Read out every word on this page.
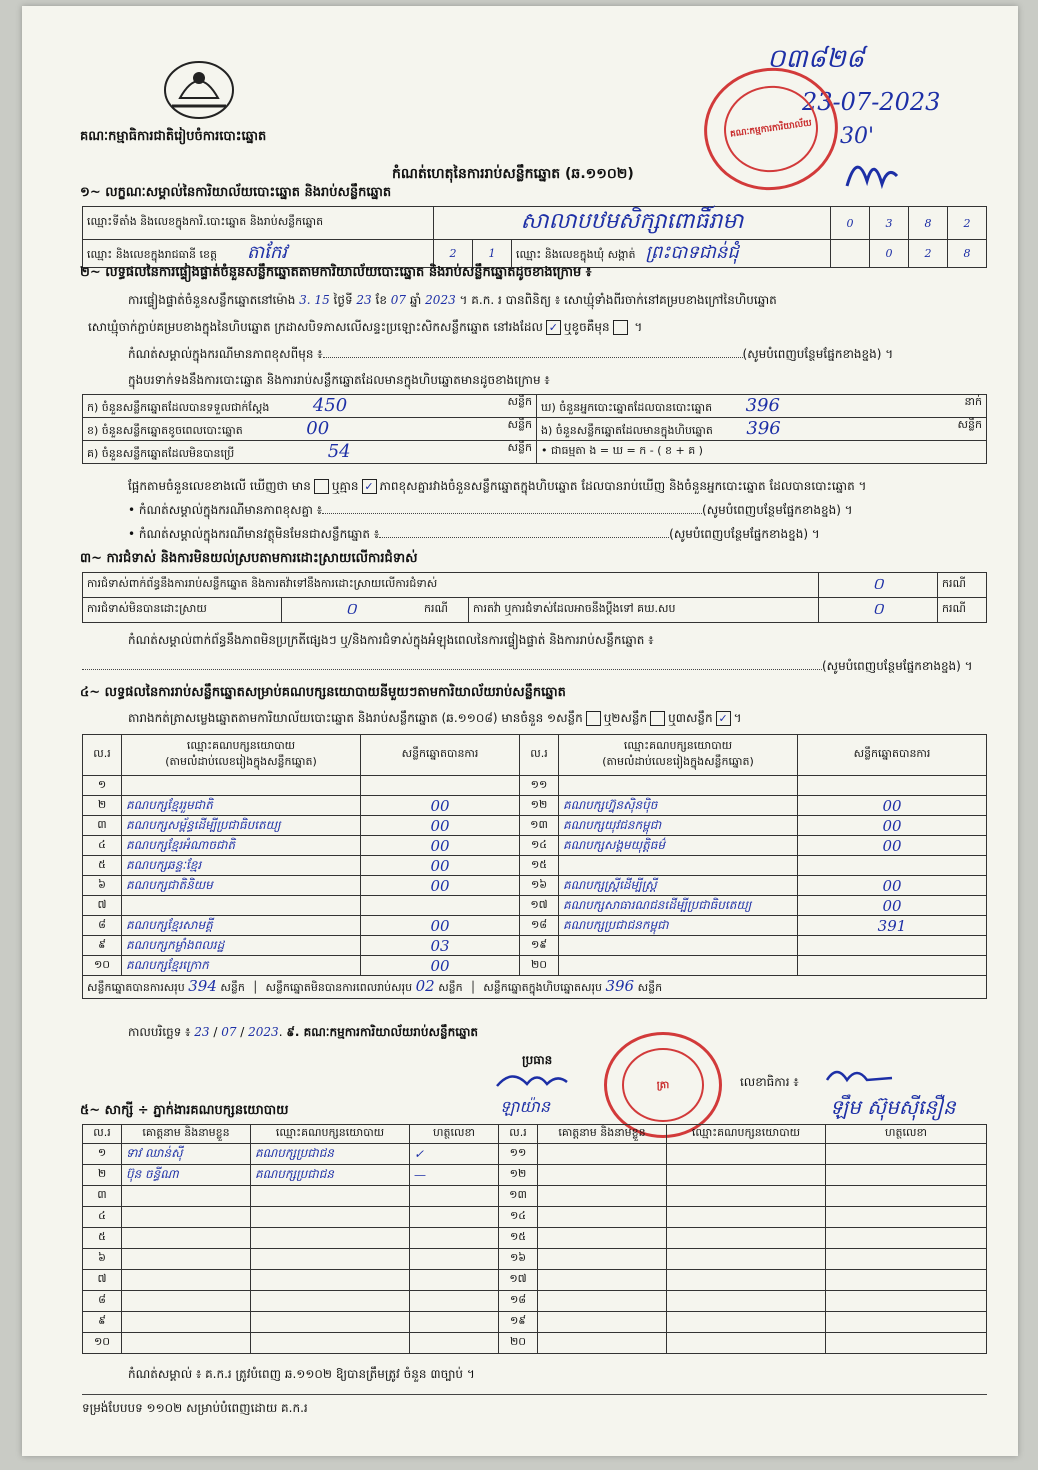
គណៈកម្មាធិការជាតិរៀបចំការបោះឆ្នោត
កំណត់ហេតុនៃការរាប់សន្លឹកឆ្នោត (ឆ.១១០២)
០៣៨២៨
23-07-2023
30'
គណៈកម្មការការិយាល័យ
១~ លក្ខណៈសម្គាល់នៃការិយាល័យបោះឆ្នោត និងរាប់សន្លឹកឆ្នោត
ឈ្មោះទីតាំង និងលេខក្នុងការិ.បោះឆ្នោត និងរាប់សន្លឹកឆ្នោត	សាលាបឋមសិក្សាពោធិ៍រាមា			0	3	8	2
ឈ្មោះ និងលេខក្នុងរាជធានី ខេត្ត តាកែវ	2	1	ឈ្មោះ និងលេខក្នុងឃុំ សង្កាត់ ព្រះបាទជាន់ជុំ		0	2	8
២~ លទ្ធផលនៃការផ្ទៀងផ្ទាត់ចំនួនសន្លឹកឆ្នោតតាមការិយាល័យបោះឆ្នោត និងរាប់សន្លឹកឆ្នោតដូចខាងក្រោម ៖
ការផ្ទៀងផ្ទាត់ចំនួនសន្លឹកឆ្នោតនៅម៉ោង 3. 15 ថ្ងៃទី 23 ខែ 07 ឆ្នាំ 2023 ។ គ.ក. រ បានពិនិត្យ ៖ សោឃ្មុំទាំងពីរចាក់នៅគម្របខាងក្រៅនៃហិបឆ្នោត
សោឃ្មុំចាក់ភ្ជាប់គម្របខាងក្នុងនៃហិបឆ្នោត ក្រដាសបិទភាសលើសន្ទះប្រឡោះសិកសន្លឹកឆ្នោត នៅរងដែល ✓ ឬខូចគឺមុន ។
កំណត់សម្គាល់ក្នុងករណីមានភាពខុសពីមុន ៖	(សូមបំពេញបន្ថែមផ្នែកខាងខ្នង) ។
ក្នុងបរទាក់ទងនឹងការបោះឆ្នោត និងការរាប់សន្លឹកឆ្នោតដែលមានក្នុងហិបឆ្នោតមានដូចខាងក្រោម ៖
ក) ចំនួនសន្លឹកឆ្នោតដែលបានទទួលជាក់ស្តែង 450 សន្លឹក	ឃ) ចំនួនអ្នកបោះឆ្នោតដែលបានបោះឆ្នោត 396 នាក់

ខ) ចំនួនសន្លឹកឆ្នោតខូចពេលបោះឆ្នោត 00 សន្លឹក	ង) ចំនួនសន្លឹកឆ្នោតដែលមានក្នុងហិបឆ្នោត 396 សន្លឹក

គ) ចំនួនសន្លឹកឆ្នោតដែលមិនបានប្រើ 54 សន្លឹក	• ជាធម្មតា ង = ឃ = ក - ( ខ + គ )
ផ្អែកតាមចំនួនលេខខាងលើ ឃើញថា មាន ឬគ្មាន ✓ ភាពខុសគ្នារវាងចំនួនសន្លឹកឆ្នោតក្នុងហិបឆ្នោត ដែលបានរាប់ឃើញ និងចំនួនអ្នកបោះឆ្នោត ដែលបានបោះឆ្នោត ។
• កំណត់សម្គាល់ក្នុងករណីមានភាពខុសគ្នា ៖	(សូមបំពេញបន្ថែមផ្នែកខាងខ្នង) ។
• កំណត់សម្គាល់ក្នុងករណីមានវត្ថុមិនមែនជាសន្លឹកឆ្នោត ៖	(សូមបំពេញបន្ថែមផ្នែកខាងខ្នង) ។
៣~ ការជំទាស់ និងការមិនយល់ស្របតាមការដោះស្រាយលើការជំទាស់
ការជំទាស់ពាក់ព័ន្ធនឹងការរាប់សន្លឹកឆ្នោត និងការតវ៉ាទៅនឹងការដោះស្រាយលើការជំទាស់				០	ករណី
ការជំទាស់មិនបានដោះស្រាយ	០	ករណី	ការតវ៉ា ឬការជំទាស់ដែលអាចនឹងប្តឹងទៅ គឃ.សប	០	ករណី
កំណត់សម្គាល់ពាក់ព័ន្ធនឹងភាពមិនប្រក្រតីផ្សេងៗ ឬ/និងការជំទាស់ក្នុងអំឡុងពេលនៃការផ្ទៀងផ្ទាត់ និងការរាប់សន្លឹកឆ្នោត ៖
(សូមបំពេញបន្ថែមផ្នែកខាងខ្នង) ។
៤~ លទ្ធផលនៃការរាប់សន្លឹកឆ្នោតសម្រាប់គណបក្សនយោបាយនីមួយៗតាមការិយាល័យរាប់សន្លឹកឆ្នោត
តារាងកត់ត្រាសម្លេងឆ្នោតតាមការិយាល័យបោះឆ្នោត និងរាប់សន្លឹកឆ្នោត (ឆ.១១០៨) មានចំនួន ១សន្លឹក ឬ២សន្លឹក ឬ៣សន្លឹក ✓ ។
ល.រ	ឈ្មោះគណបក្សនយោបាយ
(តាមលំដាប់លេខរៀងក្នុងសន្លឹកឆ្នោត)	សន្លឹកឆ្នោតបានការ	ល.រ	ឈ្មោះគណបក្សនយោបាយ
(តាមលំដាប់លេខរៀងក្នុងសន្លឹកឆ្នោត)	សន្លឹកឆ្នោតបានការ
១			១១		
២	គណបក្សខ្មែររួមជាតិ	00	១២	គណបក្សហ្វ៊ុនស៊ិនប៉ិច	00
៣	គណបក្សសម្ព័ន្ធដើម្បីប្រជាធិបតេយ្យ	00	១៣	គណបក្សយុវជនកម្ពុជា	00
៤	គណបក្សខ្មែរអំណាចជាតិ	00	១៤	គណបក្សសង្គមយុត្តិធម៌	00
៥	គណបក្សឆន្ទៈខ្មែរ	00	១៥		
៦	គណបក្សជាតិនិយម	00	១៦	គណបក្សស្រ្តីដើម្បីស្ត្រី	00
៧			១៧	គណបក្សសាធារណជនដើម្បីប្រជាធិបតេយ្យ	00
៨	គណបក្សខ្មែរសាមគ្គី	00	១៨	គណបក្សប្រជាជនកម្ពុជា	391
៩	គណបក្សកម្លាំងពលរដ្ឋ	03	១៩		
១០	គណបក្សខ្មែរក្រោក	00	២០		
សន្លឹកឆ្នោតបានការសរុប 394 សន្លឹក  │  សន្លឹកឆ្នោតមិនបានការពេលរាប់សរុប 02 សន្លឹក  │  សន្លឹកឆ្នោតក្នុងហិបឆ្នោតសរុប 396 សន្លឹក					
កាលបរិច្ឆេទ ៖ 23 / 07 / 2023. ៩. គណៈកម្មការការិយាល័យរាប់សន្លឹកឆ្នោត
ប្រធាន
ឡាយ៉ាន
ត្រា	លេខាធិការ ៖
ឡឹម ស៊ុមស៊ីនឿន
៥~ សាក្សី ÷ ភ្នាក់ងារគណបក្សនយោបាយ
ល.រ	គោត្តនាម និងនាមខ្លួន	ឈ្មោះគណបក្សនយោបាយ	ហត្ថលេខា	ល.រ	គោត្តនាម និងនាមខ្លួន	ឈ្មោះគណបក្សនយោបាយ	ហត្ថលេខា
១	ទាវ ឈាន់ស៊ី	គណបក្សប្រជាជន	✓	១១			
២	ប៊ុន ចន្ធីណា	គណបក្សប្រជាជន	—	១២			
៣				១៣			
៤				១៤			
៥				១៥			
៦				១៦			
៧				១៧			
៨				១៨			
៩				១៩			
១០				២០			
កំណត់សម្គាល់ ៖ គ.ក.រ ត្រូវបំពេញ ឆ.១១០២ ឱ្យបានត្រឹមត្រូវ ចំនួន ៣ច្បាប់ ។
ទម្រង់បែបបទ ១១០២ សម្រាប់បំពេញដោយ គ.ក.រ
